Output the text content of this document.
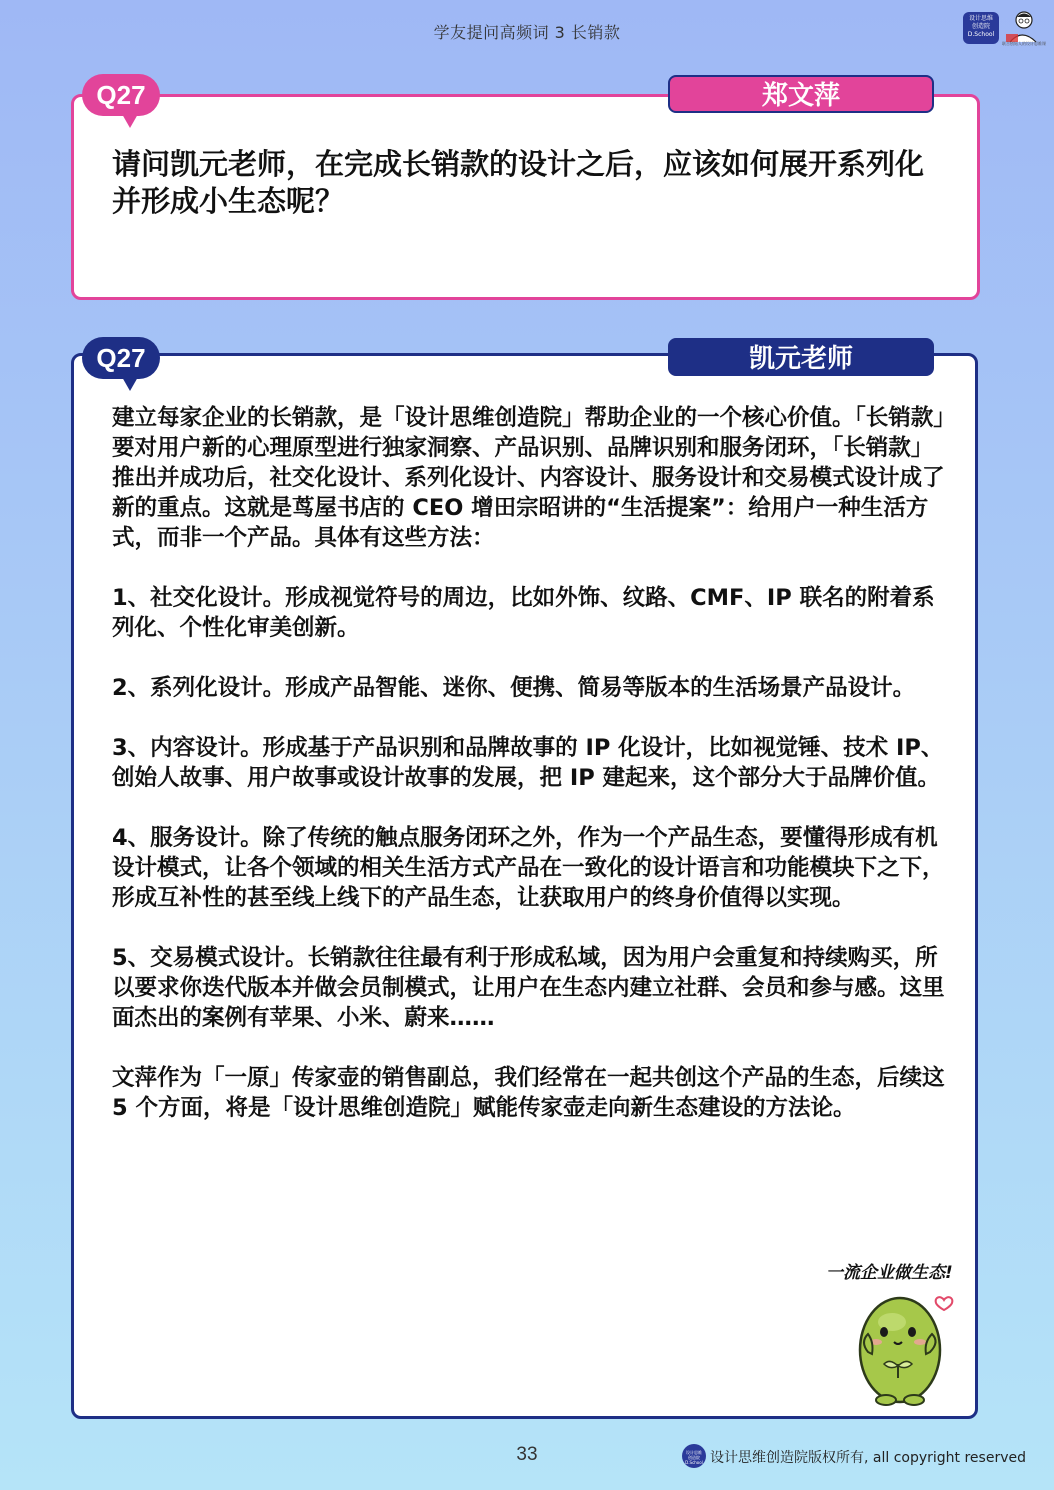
学友提问高频词 3 长销款
设计思维
创造院
D.School
联合创始人的设计思维课
Q27	郑文萍
请问凯元老师，在完成长销款的设计之后，应该如何展开系列化并形成小生态呢？
Q27	凯元老师

建立每家企业的长销款，是「设计思维创造院」帮助企业的一个核心价值。「长销款」要对用户新的心理原型进行独家洞察、产品识别、品牌识别和服务闭环，「长销款」推出并成功后，社交化设计、系列化设计、内容设计、服务设计和交易模式设计成了新的重点。这就是茑屋书店的 CEO 增田宗昭讲的“生活提案”：给用户一种生活方式，而非一个产品。具体有这些方法：

1、社交化设计。形成视觉符号的周边，比如外饰、纹路、CMF、IP 联名的附着系列化、个性化审美创新。

2、系列化设计。形成产品智能、迷你、便携、简易等版本的生活场景产品设计。

3、内容设计。形成基于产品识别和品牌故事的 IP 化设计，比如视觉锤、技术 IP、创始人故事、用户故事或设计故事的发展，把 IP 建起来，这个部分大于品牌价值。

4、服务设计。除了传统的触点服务闭环之外，作为一个产品生态，要懂得形成有机设计模式，让各个领域的相关生活方式产品在一致化的设计语言和功能模块下之下，形成互补性的甚至线上线下的产品生态，让获取用户的终身价值得以实现。

5、交易模式设计。长销款往往最有利于形成私域，因为用户会重复和持续购买，所以要求你迭代版本并做会员制模式，让用户在生态内建立社群、会员和参与感。这里面杰出的案例有苹果、小米、蔚来……

文萍作为「一原」传家壶的销售副总，我们经常在一起共创这个产品的生态，后续这 5 个方面，将是「设计思维创造院」赋能传家壶走向新生态建设的方法论。

一流企业做生态!
33	设计思维
创造院
D.School 设计思维创造院版权所有, all copyright reserved
